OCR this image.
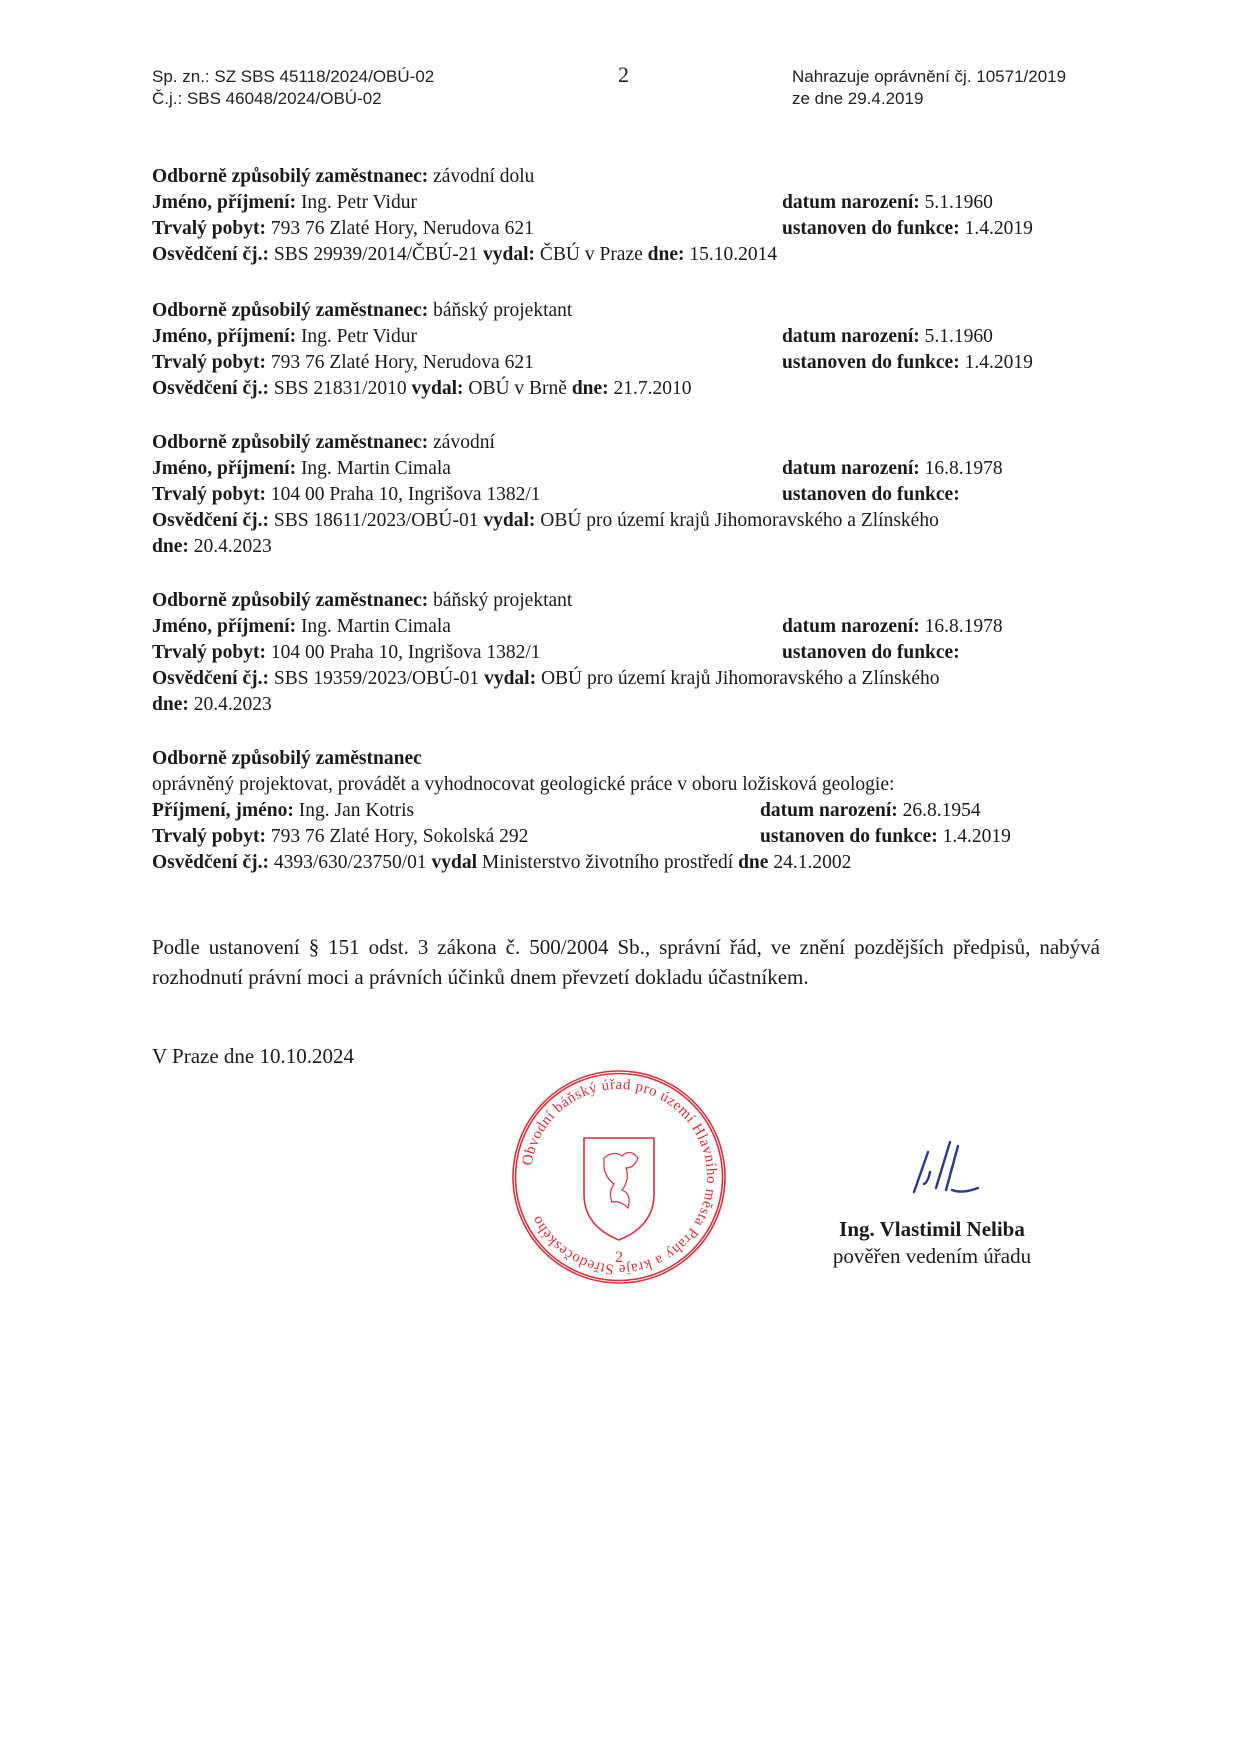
Sp. zn.: SZ SBS 45118/2024/OBÚ-02
Č.j.: SBS 46048/2024/OBÚ-02
2	Nahrazuje oprávnění čj. 10571/2019
ze dne 29.4.2019
Odborně způsobilý zaměstnanec: závodní dolu
Jméno, příjmení: Ing. Petr Vidur	datum narození: 5.1.1960
Trvalý pobyt: 793 76 Zlaté Hory, Nerudova 621	ustanoven do funkce: 1.4.2019
Osvědčení čj.: SBS 29939/2014/ČBÚ-21 vydal: ČBÚ v Praze dne: 15.10.2014
Odborně způsobilý zaměstnanec: báňský projektant
Jméno, příjmení: Ing. Petr Vidur	datum narození: 5.1.1960
Trvalý pobyt: 793 76 Zlaté Hory, Nerudova 621	ustanoven do funkce: 1.4.2019
Osvědčení čj.: SBS 21831/2010 vydal: OBÚ v Brně dne: 21.7.2010
Odborně způsobilý zaměstnanec: závodní
Jméno, příjmení: Ing. Martin Cimala	datum narození: 16.8.1978
Trvalý pobyt: 104 00 Praha 10, Ingrišova 1382/1	ustanoven do funkce:
Osvědčení čj.: SBS 18611/2023/OBÚ-01 vydal: OBÚ pro území krajů Jihomoravského a Zlínského
dne: 20.4.2023
Odborně způsobilý zaměstnanec: báňský projektant
Jméno, příjmení: Ing. Martin Cimala	datum narození: 16.8.1978
Trvalý pobyt: 104 00 Praha 10, Ingrišova 1382/1	ustanoven do funkce:
Osvědčení čj.: SBS 19359/2023/OBÚ-01 vydal: OBÚ pro území krajů Jihomoravského a Zlínského
dne: 20.4.2023
Odborně způsobilý zaměstnanec
oprávněný projektovat, provádět a vyhodnocovat geologické práce v oboru ložisková geologie:
Příjmení, jméno: Ing. Jan Kotris	datum narození: 26.8.1954
Trvalý pobyt: 793 76 Zlaté Hory, Sokolská 292	ustanoven do funkce: 1.4.2019
Osvědčení čj.: 4393/630/23750/01 vydal Ministerstvo životního prostředí dne 24.1.2002
Podle ustanovení § 151 odst. 3 zákona č. 500/2004 Sb., správní řád, ve znění pozdějších předpisů, nabývá rozhodnutí právní moci a právních účinků dnem převzetí dokladu účastníkem.
V Praze dne 10.10.2024
Obvodní báňský úřad pro území Hlavního města Prahy a kraje Středočeského
2
Ing. Vlastimil Neliba
pověřen vedením úřadu
